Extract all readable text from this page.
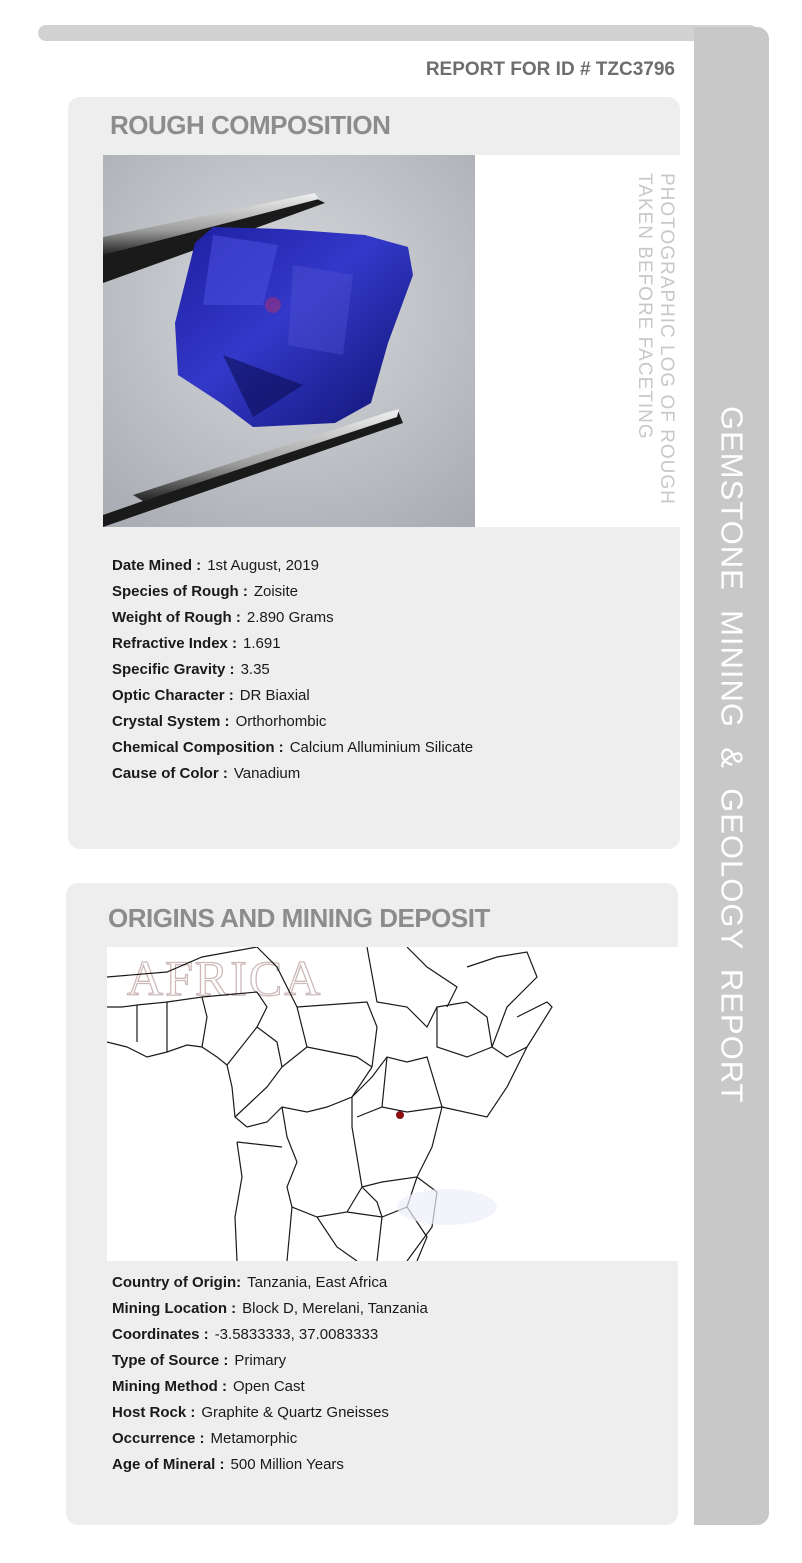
GEMSTONE  MINING  &  GEOLOGY  REPORT
REPORT FOR ID # TZC3796
ROUGH COMPOSITION
PHOTOGRAPHIC LOG OF ROUGH
TAKEN BEFORE FACETING
Date Mined : 1st August, 2019
Species of Rough : Zoisite
Weight of Rough : 2.890 Grams
Refractive Index : 1.691
Specific Gravity : 3.35
Optic Character : DR Biaxial
Crystal System : Orthorhombic
Chemical Composition : Calcium Alluminium Silicate
Cause of Color : Vanadium
ORIGINS AND MINING DEPOSIT
AFRICA
Country of Origin: Tanzania, East Africa
Mining Location : Block D, Merelani, Tanzania
Coordinates : -3.5833333, 37.0083333
Type of Source : Primary
Mining Method : Open Cast
Host Rock : Graphite & Quartz Gneisses
Occurrence : Metamorphic
Age of Mineral : 500 Million Years
